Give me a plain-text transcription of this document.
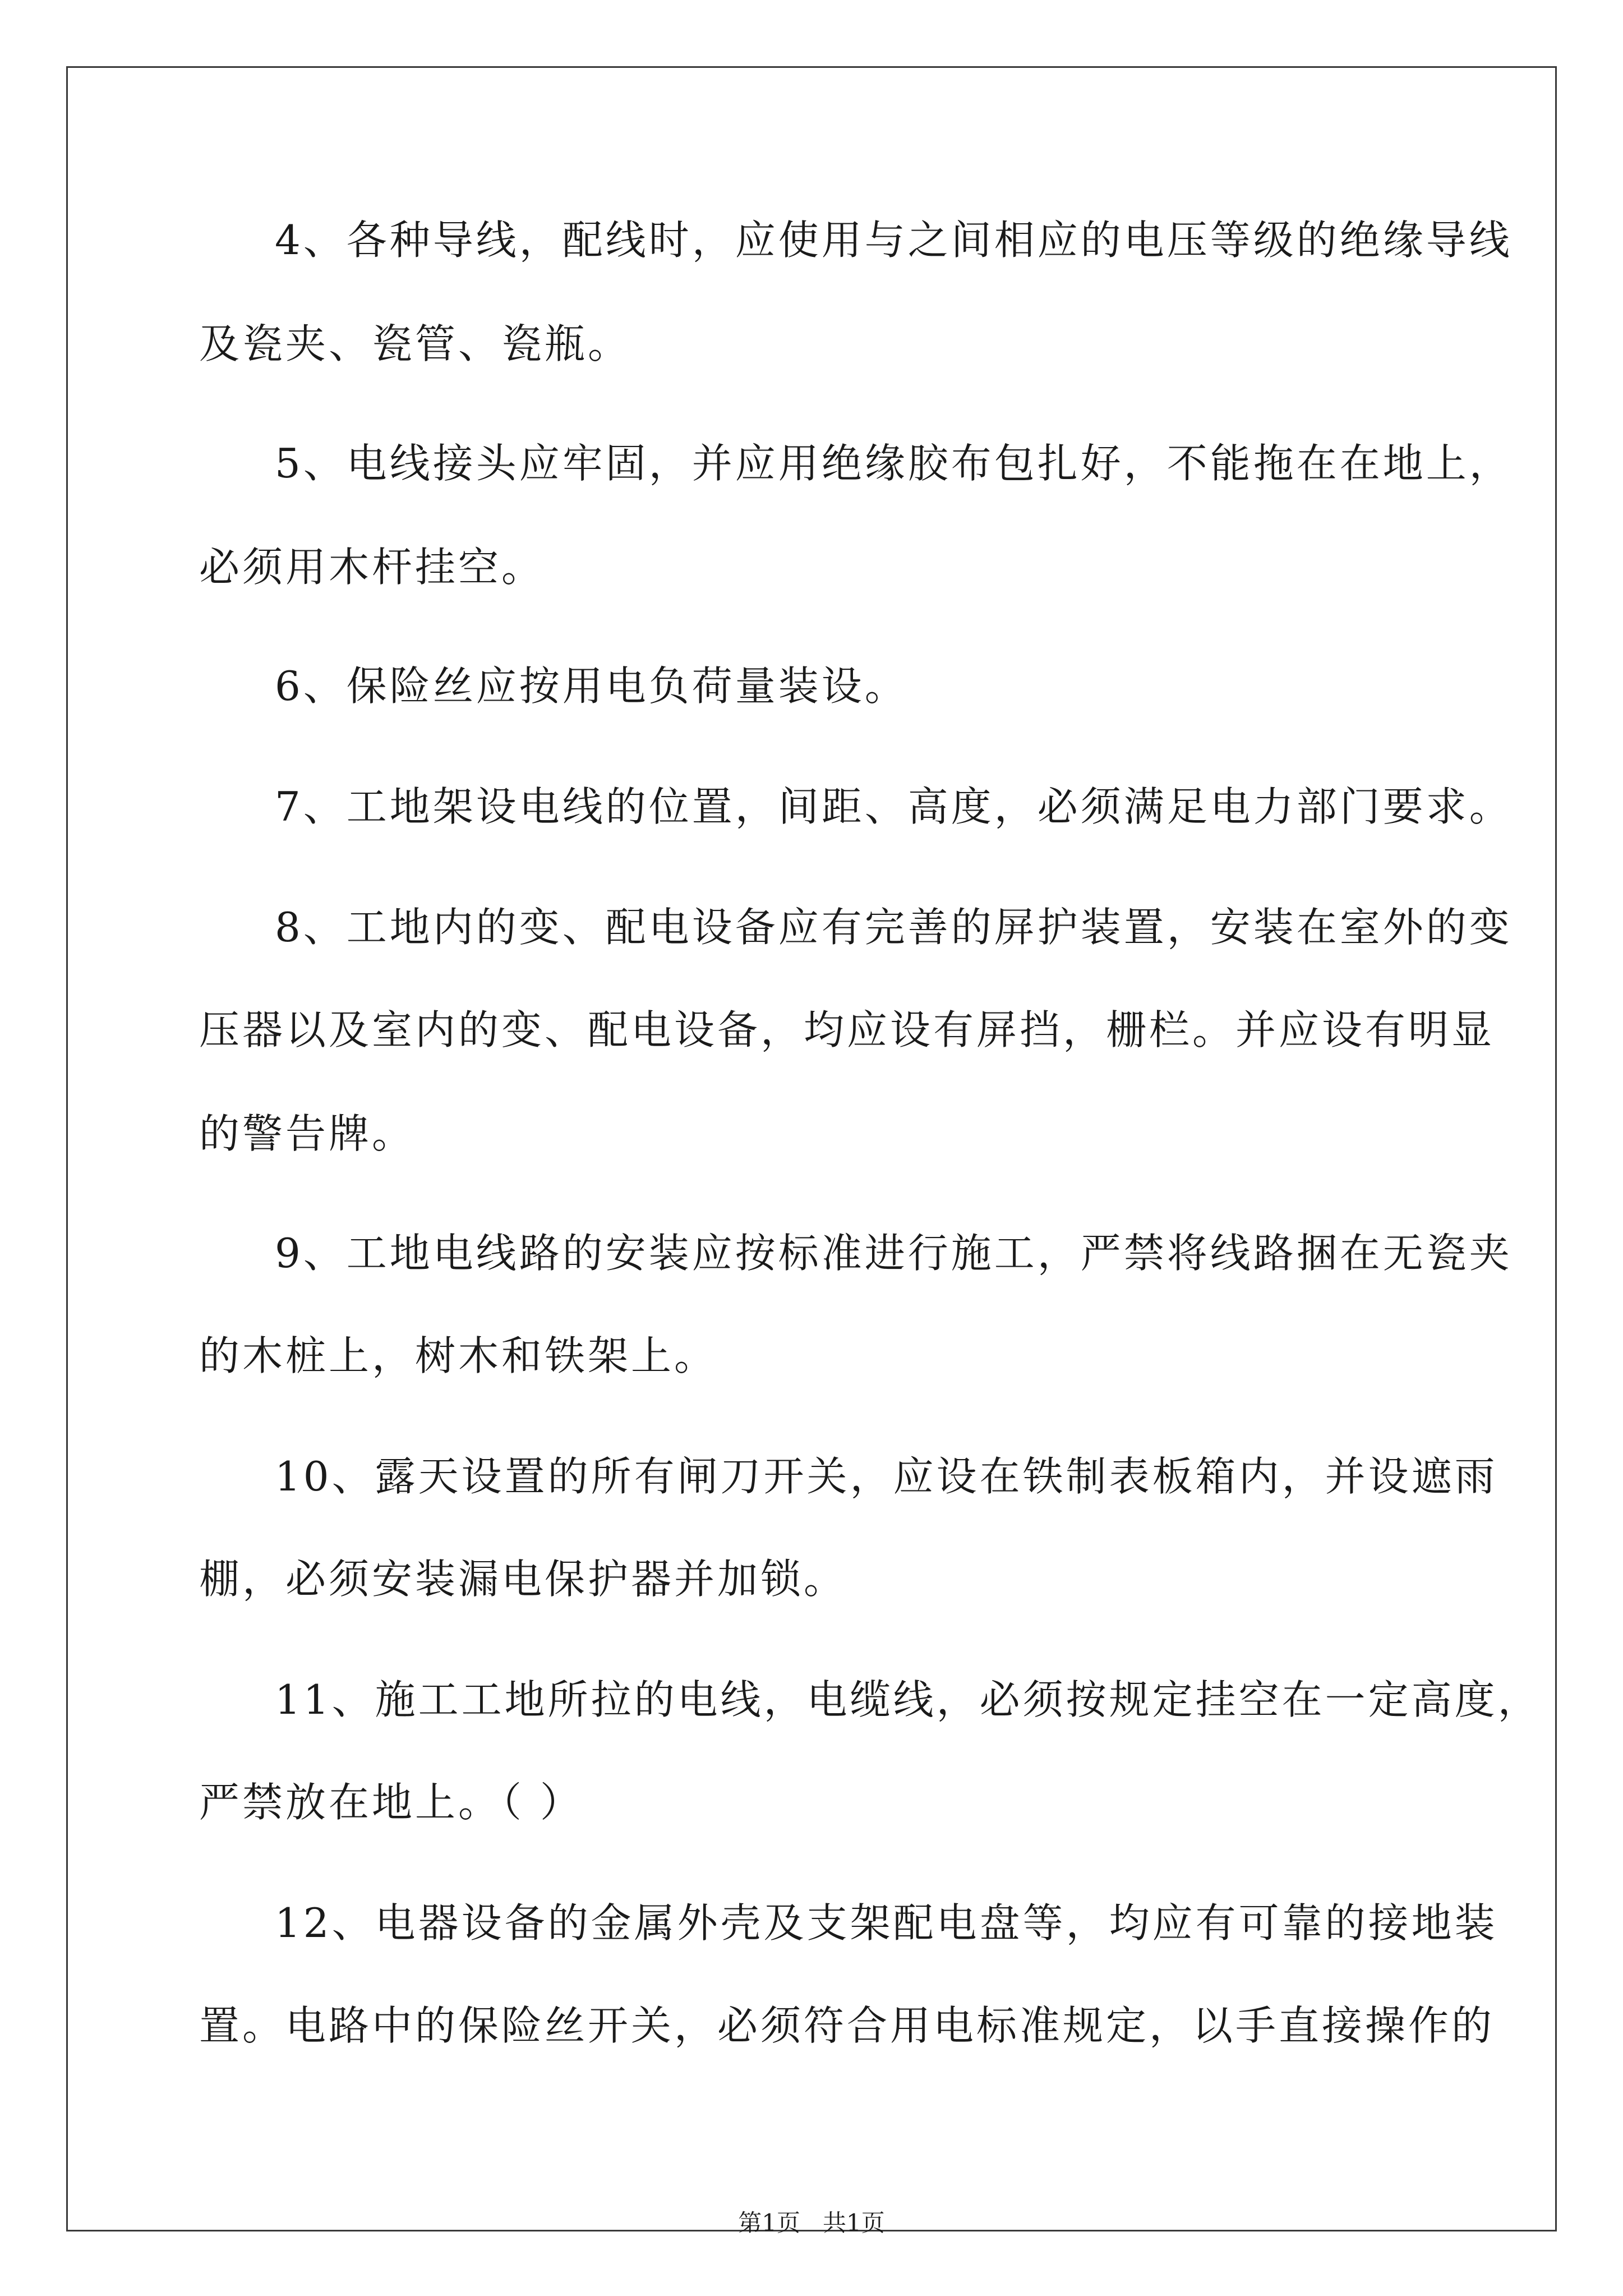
4、各种导线，配线时，应使用与之间相应的电压等级的绝缘导线
及瓷夹、瓷管、瓷瓶。
5、电线接头应牢固，并应用绝缘胶布包扎好，不能拖在在地上，
必须用木杆挂空。
6、保险丝应按用电负荷量装设。
7、工地架设电线的位置，间距、高度，必须满足电力部门要求。
8、工地内的变、配电设备应有完善的屏护装置，安装在室外的变
压器以及室内的变、配电设备，均应设有屏挡，栅栏。并应设有明显
的警告牌。
9、工地电线路的安装应按标准进行施工，严禁将线路捆在无瓷夹
的木桩上，树木和铁架上。
10、露天设置的所有闸刀开关，应设在铁制表板箱内，并设遮雨
棚，必须安装漏电保护器并加锁。
11、施工工地所拉的电线，电缆线，必须按规定挂空在一定高度，
严禁放在地上。（ ）
12、电器设备的金属外壳及支架配电盘等，均应有可靠的接地装
置。电路中的保险丝开关，必须符合用电标准规定，以手直接操作的
第1页   共1页
